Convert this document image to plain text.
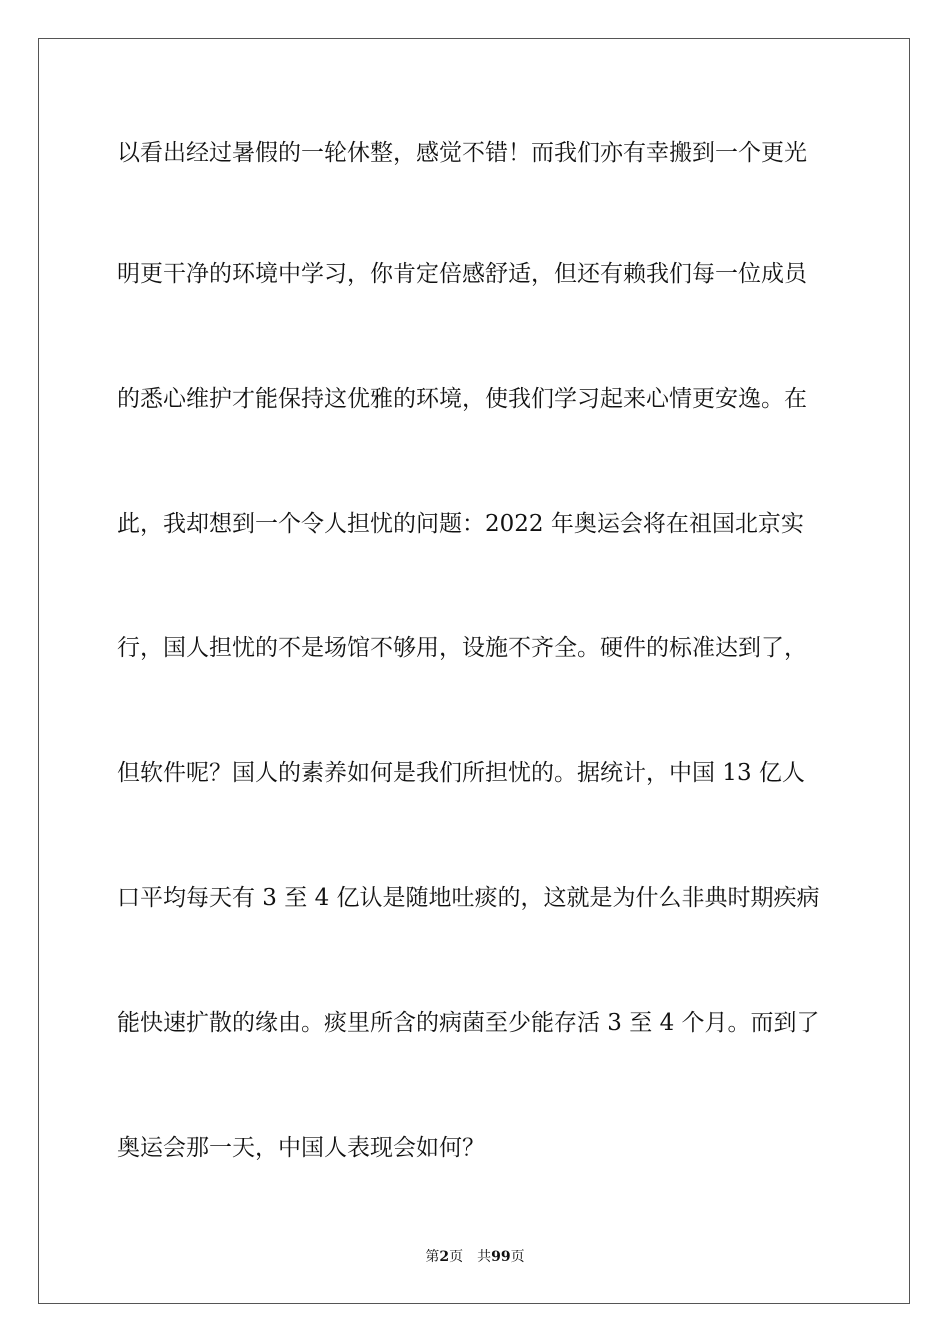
以看出经过暑假的一轮休整，感觉不错！而我们亦有幸搬到一个更光
明更干净的环境中学习，你肯定倍感舒适，但还有赖我们每一位成员
的悉心维护才能保持这优雅的环境，使我们学习起来心情更安逸。在
此，我却想到一个令人担忧的问题：2022 年奥运会将在祖国北京实
行，国人担忧的不是场馆不够用，设施不齐全。硬件的标准达到了，
但软件呢？国人的素养如何是我们所担忧的。据统计，中国 13 亿人
口平均每天有 3 至 4 亿认是随地吐痰的，这就是为什么非典时期疾病
能快速扩散的缘由。痰里所含的病菌至少能存活 3 至 4 个月。而到了
奥运会那一天，中国人表现会如何？
第2页 共99页
